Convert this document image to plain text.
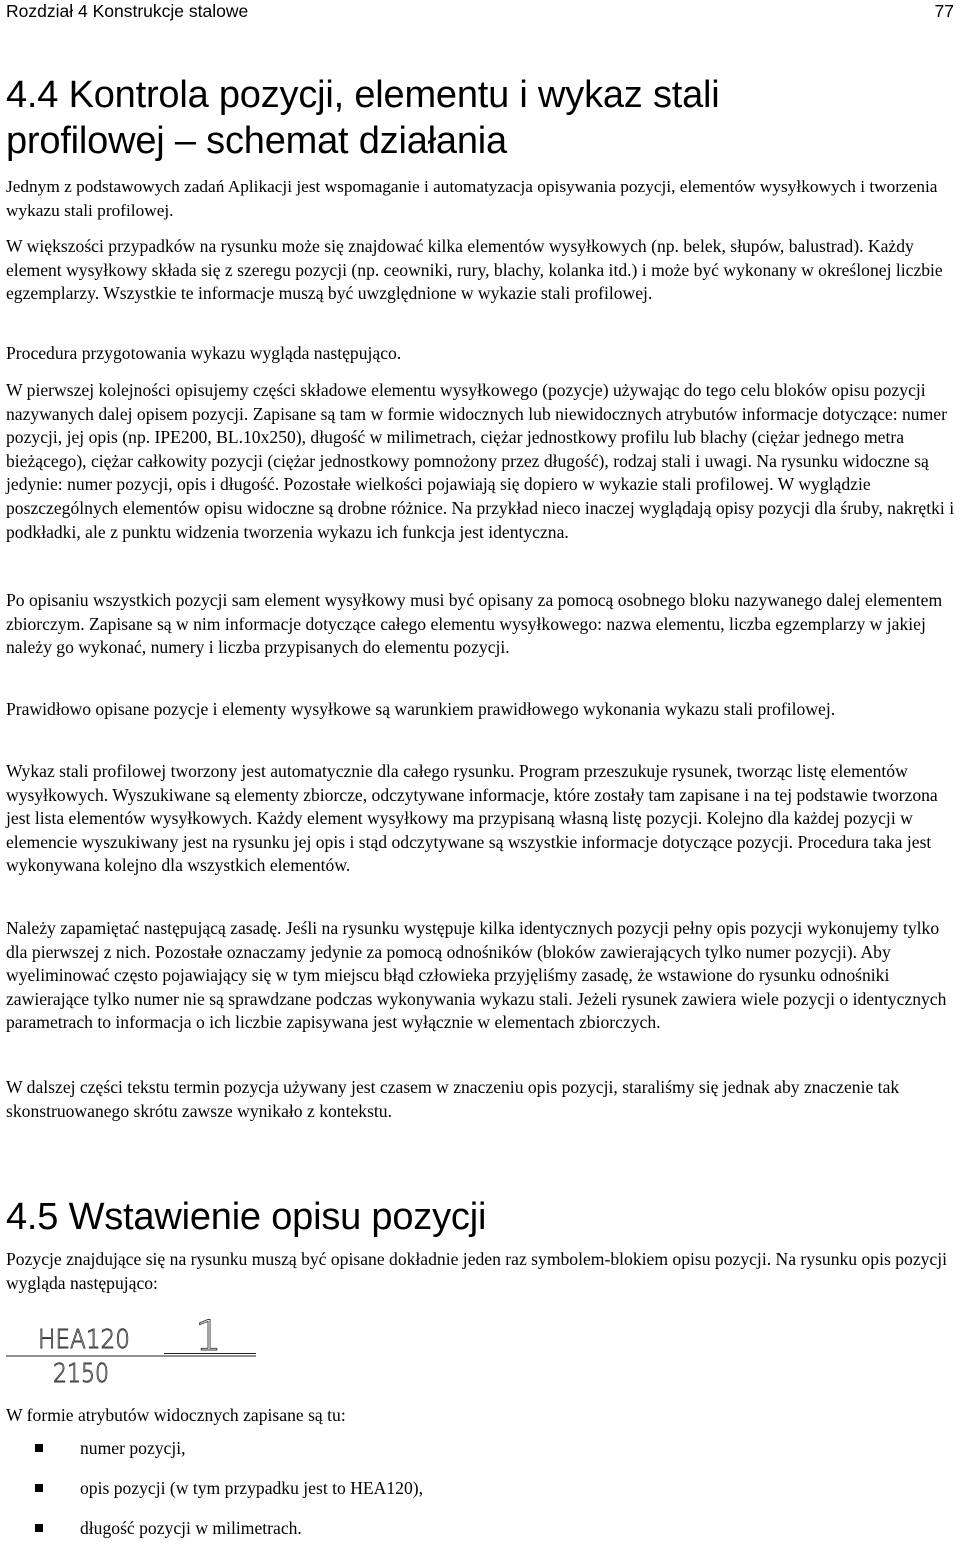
Rozdział 4 Konstrukcje stalowe	77
4.4 Kontrola pozycji, elementu i wykaz stali
profilowej – schemat działania

Jednym z podstawowych zadań Aplikacji jest wspomaganie i automatyzacja opisywania pozycji, elementów wysyłkowych i tworzenia wykazu stali profilowej.

W większości przypadków na rysunku może się znajdować kilka elementów wysyłkowych (np. belek, słupów, balustrad). Każdy element wysyłkowy składa się z szeregu pozycji (np. ceowniki, rury, blachy, kolanka itd.) i może być wykonany w określonej liczbie egzemplarzy. Wszystkie te informacje muszą być uwzględnione w wykazie stali profilowej.

Procedura przygotowania wykazu wygląda następująco.

W pierwszej kolejności opisujemy części składowe elementu wysyłkowego (pozycje) używając do tego celu bloków opisu pozycji nazywanych dalej opisem pozycji. Zapisane są tam w formie widocznych lub niewidocznych atrybutów informacje dotyczące: numer pozycji, jej opis (np. IPE200, BL.10x250), długość w milimetrach, ciężar jednostkowy profilu lub blachy (ciężar jednego metra bieżącego), ciężar całkowity pozycji (ciężar jednostkowy pomnożony przez długość), rodzaj stali i uwagi. Na rysunku widoczne są jedynie: numer pozycji, opis i długość. Pozostałe wielkości pojawiają się dopiero w wykazie stali profilowej. W wyglądzie poszczególnych elementów opisu widoczne są drobne różnice. Na przykład nieco inaczej wyglądają opisy pozycji dla śruby, nakrętki i podkładki, ale z punktu widzenia tworzenia wykazu ich funkcja jest identyczna.

Po opisaniu wszystkich pozycji sam element wysyłkowy musi być opisany za pomocą osobnego bloku nazywanego dalej elementem zbiorczym. Zapisane są w nim informacje dotyczące całego elementu wysyłkowego: nazwa elementu, liczba egzemplarzy w jakiej należy go wykonać, numery i liczba przypisanych do elementu pozycji.

Prawidłowo opisane pozycje i elementy wysyłkowe są warunkiem prawidłowego wykonania wykazu stali profilowej.

Wykaz stali profilowej tworzony jest automatycznie dla całego rysunku. Program przeszukuje rysunek, tworząc listę elementów wysyłkowych. Wyszukiwane są elementy zbiorcze, odczytywane informacje, które zostały tam zapisane i na tej podstawie tworzona jest lista elementów wysyłkowych. Każdy element wysyłkowy ma przypisaną własną listę pozycji. Kolejno dla każdej pozycji w elemencie wyszukiwany jest na rysunku jej opis i stąd odczytywane są wszystkie informacje dotyczące pozycji. Procedura taka jest wykonywana kolejno dla wszystkich elementów.

Należy zapamiętać następującą zasadę. Jeśli na rysunku występuje kilka identycznych pozycji pełny opis pozycji wykonujemy tylko dla pierwszej z nich. Pozostałe oznaczamy jedynie za pomocą odnośników (bloków zawierających tylko numer pozycji). Aby wyeliminować często pojawiający się w tym miejscu błąd człowieka przyjęliśmy zasadę, że wstawione do rysunku odnośniki zawierające tylko numer nie są sprawdzane podczas wykonywania wykazu stali. Jeżeli rysunek zawiera wiele pozycji o identycznych parametrach to informacja o ich liczbie zapisywana jest wyłącznie w elementach zbiorczych.

W dalszej części tekstu termin pozycja używany jest czasem w znaczeniu opis pozycji, staraliśmy się jednak aby znaczenie tak skonstruowanego skrótu zawsze wynikało z kontekstu.

4.5 Wstawienie opisu pozycji

Pozycje znajdujące się na rysunku muszą być opisane dokładnie jeden raz symbolem-blokiem opisu pozycji. Na rysunku opis pozycji wygląda następująco:

HEA120 1
2150

W formie atrybutów widocznych zapisane są tu:

numer pozycji,
opis pozycji (w tym przypadku jest to HEA120),
długość pozycji w milimetrach.
